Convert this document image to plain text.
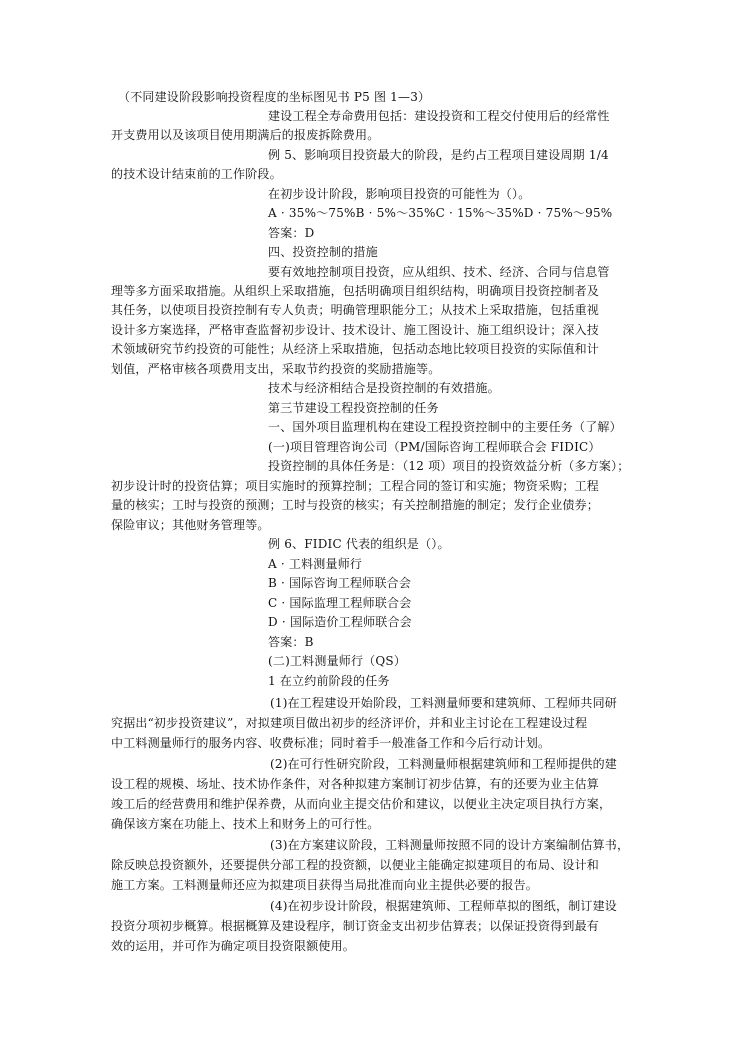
（不同建设阶段影响投资程度的坐标图见书 P5 图 1—3）
建设工程全寿命费用包括：建设投资和工程交付使用后的经常性
开支费用以及该项目使用期满后的报废拆除费用。
例 5、影响项目投资最大的阶段，是约占工程项目建设周期 1/4
的技术设计结束前的工作阶段。
在初步设计阶段，影响项目投资的可能性为（）。
A · 35%～75%B · 5%～35%C · 15%～35%D · 75%～95%
答案：D
四、投资控制的措施
要有效地控制项目投资，应从组织、技术、经济、合同与信息管
理等多方面采取措施。从组织上采取措施，包括明确项目组织结构，明确项目投资控制者及
其任务，以使项目投资控制有专人负责；明确管理职能分工；从技术上采取措施，包括重视
设计多方案选择，严格审查监督初步设计、技术设计、施工图设计、施工组织设计；深入技
术领域研究节约投资的可能性；从经济上采取措施，包括动态地比较项目投资的实际值和计
划值，严格审核各项费用支出，采取节约投资的奖励措施等。
技术与经济相结合是投资控制的有效措施。
第三节建设工程投资控制的任务
一、国外项目监理机构在建设工程投资控制中的主要任务（了解）
(一)项目管理咨询公司（PM/国际咨询工程师联合会 FIDIC）
投资控制的具体任务是：（12 项）项目的投资效益分析（多方案）；
初步设计时的投资估算；项目实施时的预算控制；工程合同的签订和实施；物资采购；工程
量的核实；工时与投资的预测；工时与投资的核实；有关控制措施的制定；发行企业债券；
保险审议；其他财务管理等。
例 6、FIDIC 代表的组织是（）。
A · 工料测量师行
B · 国际咨询工程师联合会
C · 国际监理工程师联合会
D · 国际造价工程师联合会
答案：B
(二)工料测量师行（QS）
1 在立约前阶段的任务
(1)在工程建设开始阶段，工料测量师要和建筑师、工程师共同研
究据出“初步投资建议”，对拟建项目做出初步的经济评价，并和业主讨论在工程建设过程
中工料测量师行的服务内容、收费标准；同时着手一般准备工作和今后行动计划。
(2)在可行性研究阶段，工料测量师根据建筑师和工程师提供的建
设工程的规模、场址、技术协作条件，对各种拟建方案制订初步估算，有的还要为业主估算
竣工后的经营费用和维护保养费，从而向业主提交估价和建议，以便业主决定项目执行方案，
确保该方案在功能上、技术上和财务上的可行性。
(3)在方案建议阶段，工料测量师按照不同的设计方案编制估算书，
除反映总投资额外，还要提供分部工程的投资额，以便业主能确定拟建项目的布局、设计和
施工方案。工料测量师还应为拟建项目获得当局批准而向业主提供必要的报告。
(4)在初步设计阶段，根据建筑师、工程师草拟的图纸，制订建设
投资分项初步概算。根据概算及建设程序，制订资金支出初步估算表；以保证投资得到最有
效的运用，并可作为确定项目投资限额使用。
